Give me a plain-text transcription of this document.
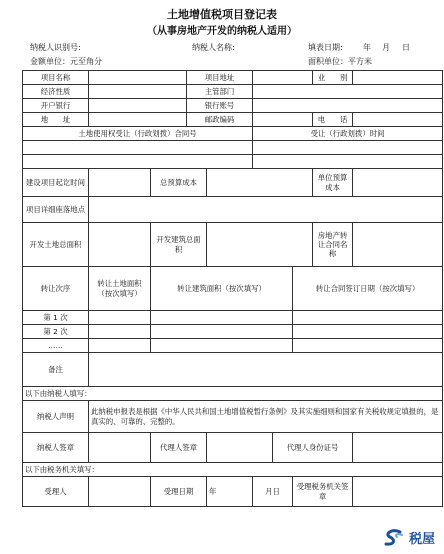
土地增值税项目登记表
（从事房地产开发的纳税人适用）
纳税人识别号:	纳税人名称:	填表日期:	年 月 日
金额单位：元至角分	面积单位：平方米
项目名称			项目地址					业　　别	
经济性质			主管部门						
开户银行			银行账号						
地　　址			邮政编码					电　　话	
土地使用权受让（行政划拨）合同号					受让（行政划拨）时间				

建设项目起讫时间		总预算成本						单位预算成本	
项目详细座落地点									
开发土地总面积		开发建筑总面积						房地产转让合同名称	
转让次序	转让土地面积（按次填写）	转让建筑面积（按次填写）					转让合同签订日期（按次填写）		
第 1 次									
第 2 次									
……									
备注									
以下由纳税人填写：									
纳税人声明	此纳税申报表是根据《中华人民共和国土地增值税暂行条例》及其实施细则和国家有关税收规定填报的，是真实的、可靠的、完整的。								
纳税人签章		代理人签章				代理人身份证号			
以下由税务机关填写：									
受理人		受理日期		年	月日		受理税务机关签章		
税屋
